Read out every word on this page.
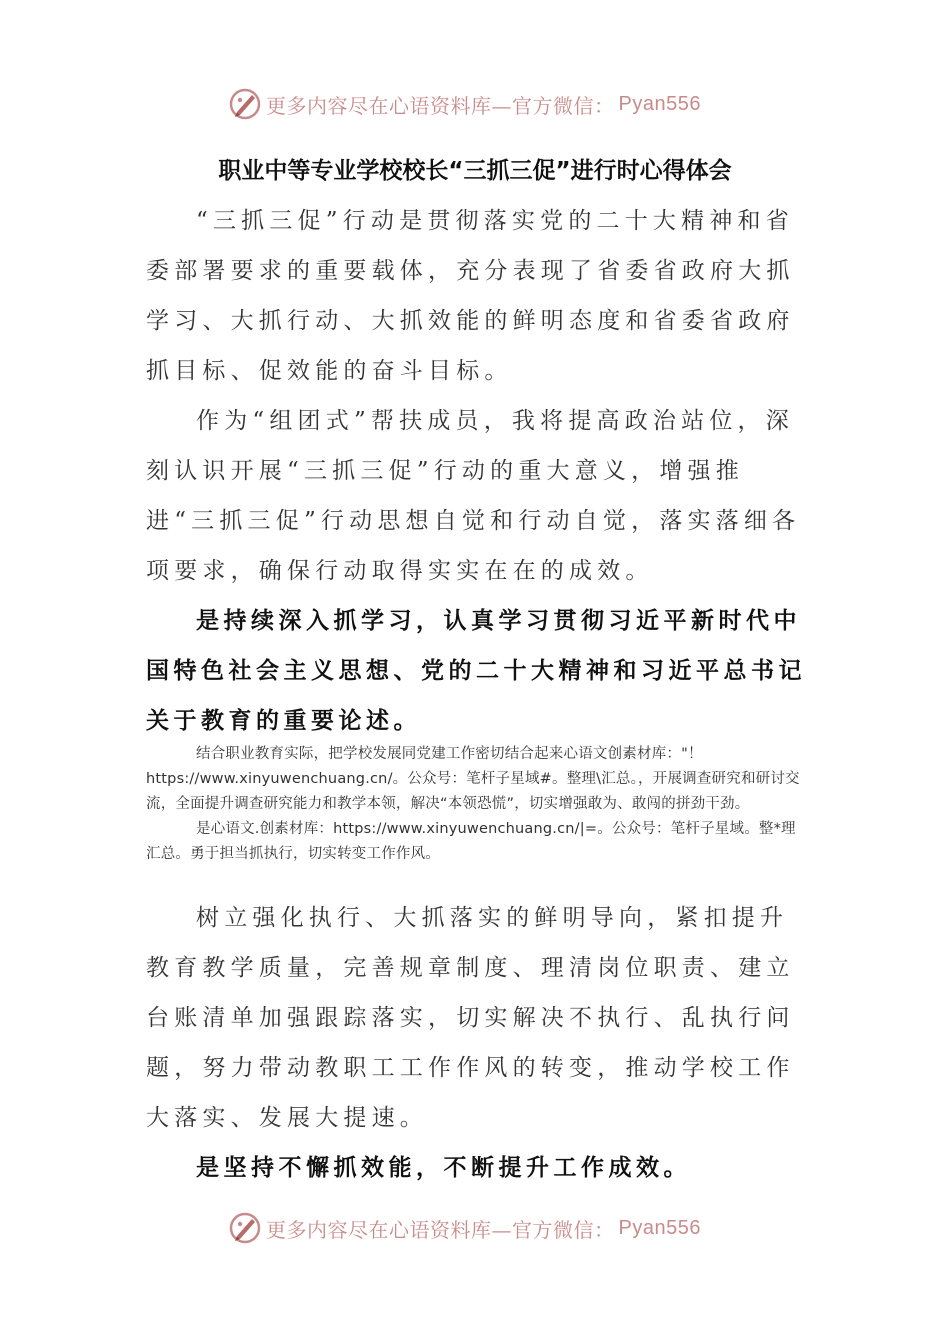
更多内容尽在心语资料库—官方微信： Pyan556
职业中等专业学校校长“三抓三促”进行时心得体会

“三抓三促”行动是贯彻落实党的二十大精神和省委部署要求的重要载体，充分表现了省委省政府大抓学习、大抓行动、大抓效能的鲜明态度和省委省政府抓目标、促效能的奋斗目标。

作为“组团式”帮扶成员，我将提高政治站位，深刻认识开展“三抓三促”行动的重大意义，增强推进“三抓三促”行动思想自觉和行动自觉，落实落细各项要求，确保行动取得实实在在的成效。

是持续深入抓学习，认真学习贯彻习近平新时代中国特色社会主义思想、党的二十大精神和习近平总书记关于教育的重要论述。

结合职业教育实际，把学校发展同党建工作密切结合起来心语文创素材库："！https://www.xinyuwenchuang.cn/。公众号：笔杆子星域#。整理\汇总。，开展调查研究和研讨交流，全面提升调查研究能力和教学本领，解决“本领恐慌”，切实增强敢为、敢闯的拼劲干劲。

是心语文.创素材库：https://www.xinyuwenchuang.cn/|=。公众号：笔杆子星域。整*理汇总。勇于担当抓执行，切实转变工作作风。

树立强化执行、大抓落实的鲜明导向，紧扣提升教育教学质量，完善规章制度、理清岗位职责、建立台账清单加强跟踪落实，切实解决不执行、乱执行问题，努力带动教职工工作作风的转变，推动学校工作大落实、发展大提速。

是坚持不懈抓效能，不断提升工作成效。

更多内容尽在心语资料库—官方微信： Pyan556
